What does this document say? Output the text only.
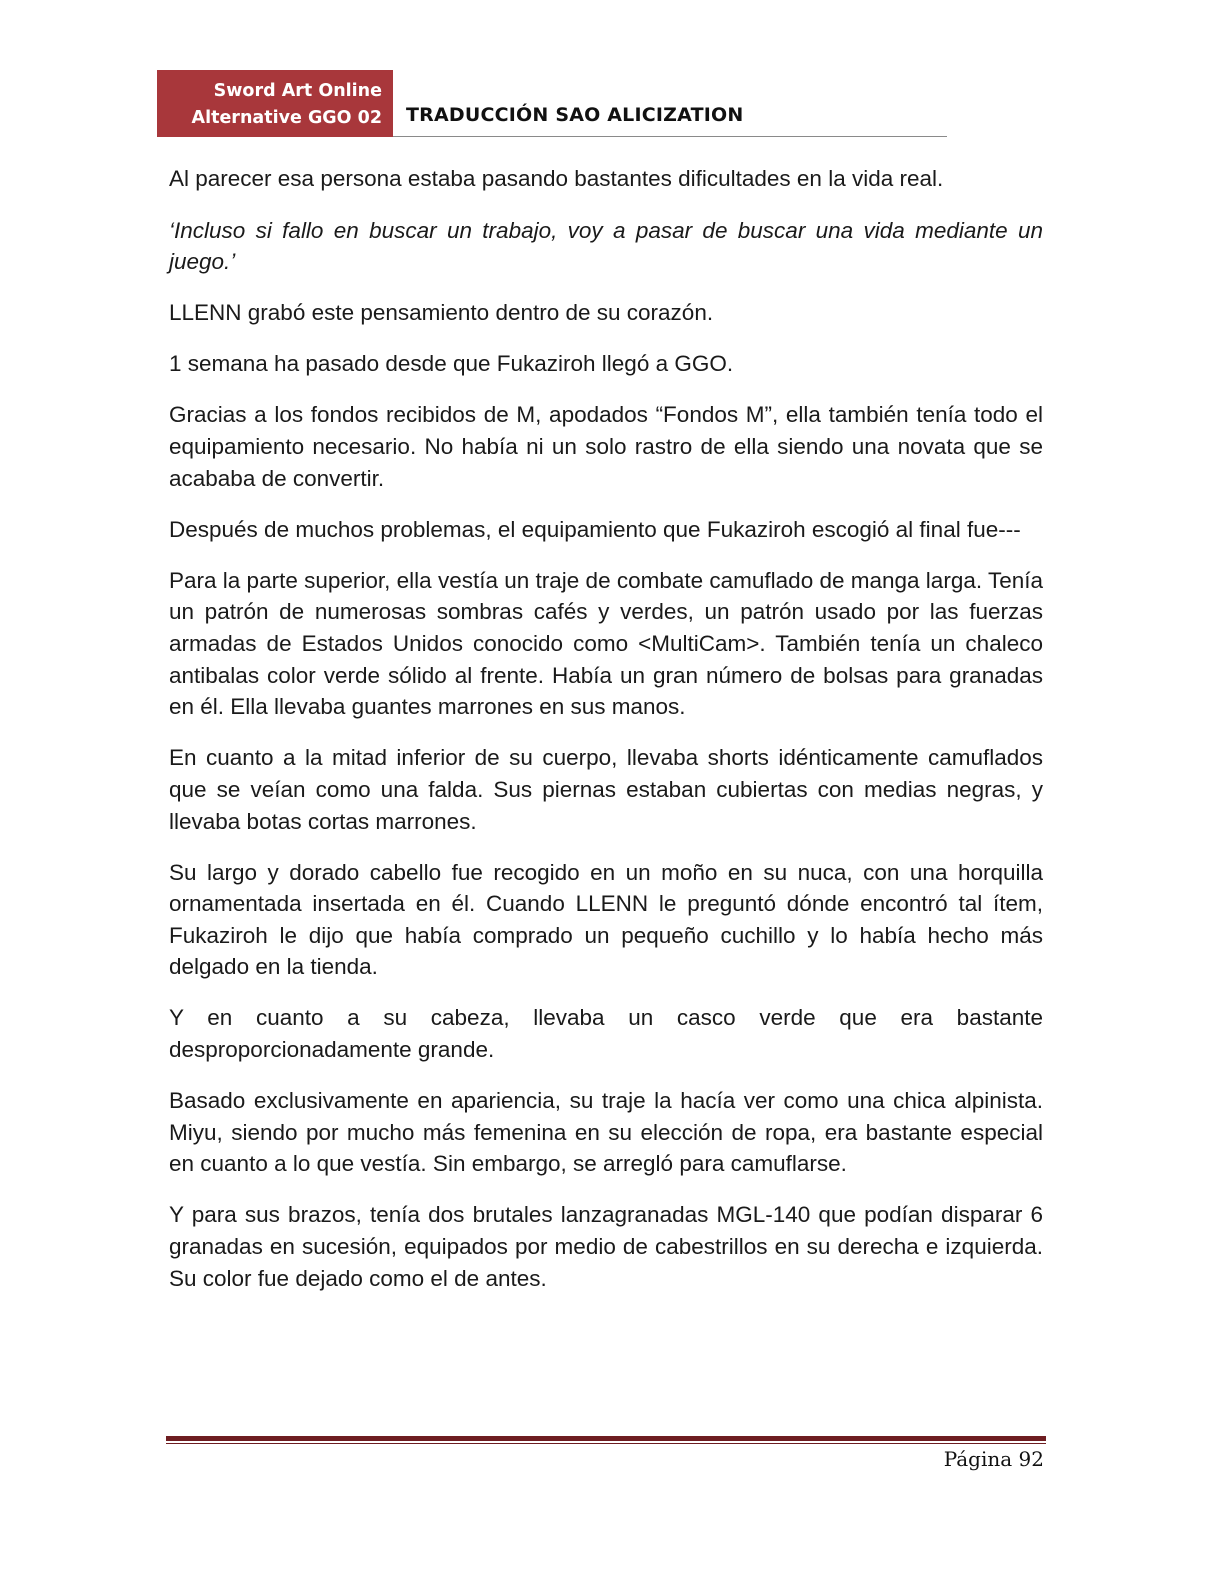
Sword Art Online
Alternative GGO 02 TRADUCCIÓN SAO ALICIZATION

Al parecer esa persona estaba pasando bastantes dificultades en la vida real.

‘Incluso si fallo en buscar un trabajo, voy a pasar de buscar una vida mediante un juego.’

LLENN grabó este pensamiento dentro de su corazón.

1 semana ha pasado desde que Fukaziroh llegó a GGO.

Gracias a los fondos recibidos de M, apodados “Fondos M”, ella también tenía todo el equipamiento necesario. No había ni un solo rastro de ella siendo una novata que se acababa de convertir.

Después de muchos problemas, el equipamiento que Fukaziroh escogió al final fue---

Para la parte superior, ella vestía un traje de combate camuflado de manga larga. Tenía un patrón de numerosas sombras cafés y verdes, un patrón usado por las fuerzas armadas de Estados Unidos conocido como <MultiCam>. También tenía un chaleco antibalas color verde sólido al frente. Había un gran número de bolsas para granadas en él. Ella llevaba guantes marrones en sus manos.

En cuanto a la mitad inferior de su cuerpo, llevaba shorts idénticamente camuflados que se veían como una falda. Sus piernas estaban cubiertas con medias negras, y llevaba botas cortas marrones.

Su largo y dorado cabello fue recogido en un moño en su nuca, con una horquilla ornamentada insertada en él. Cuando LLENN le preguntó dónde encontró tal ítem, Fukaziroh le dijo que había comprado un pequeño cuchillo y lo había hecho más delgado en la tienda.

Y en cuanto a su cabeza, llevaba un casco verde que era bastante desproporcionadamente grande.

Basado exclusivamente en apariencia, su traje la hacía ver como una chica alpinista. Miyu, siendo por mucho más femenina en su elección de ropa, era bastante especial en cuanto a lo que vestía. Sin embargo, se arregló para camuflarse.

Y para sus brazos, tenía dos brutales lanzagranadas MGL-140 que podían disparar 6 granadas en sucesión, equipados por medio de cabestrillos en su derecha e izquierda. Su color fue dejado como el de antes.

Página 92
